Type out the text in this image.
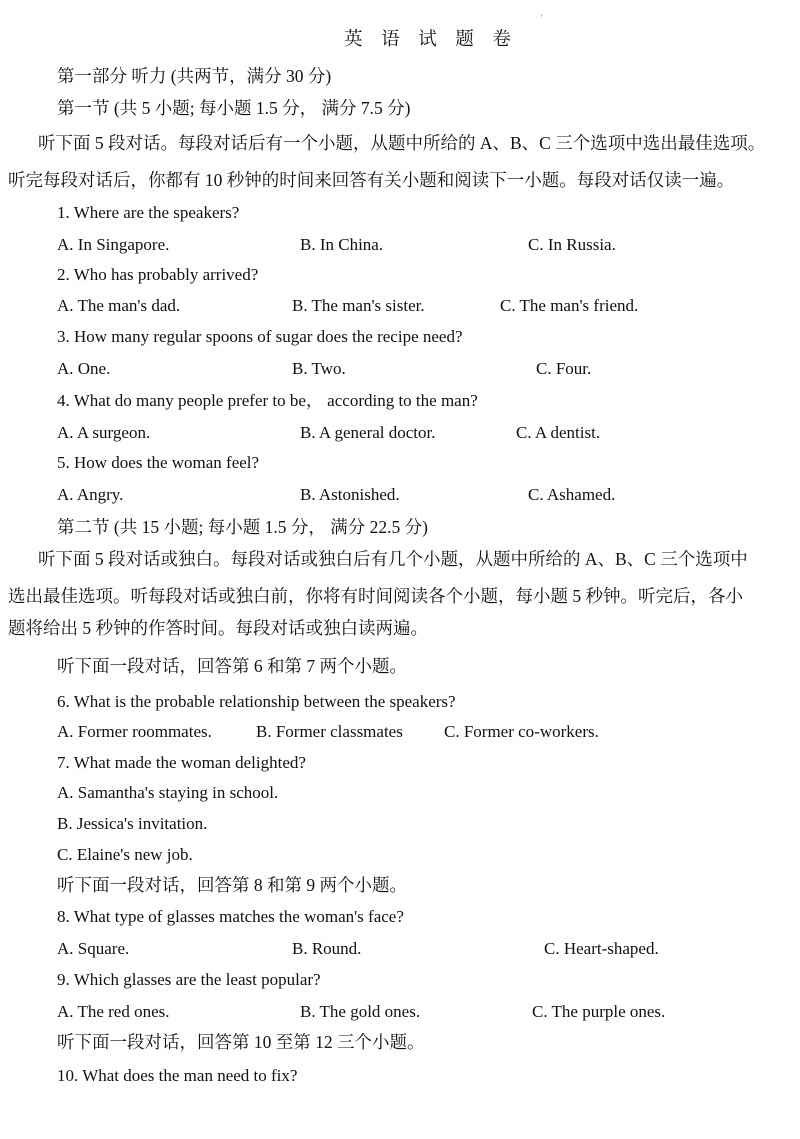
ʼ
英 语 试 题 卷
第一部分 听力 (共两节，满分 30 分)
第一节 (共 5 小题; 每小题 1.5 分， 满分 7.5 分)
听下面 5 段对话。每段对话后有一个小题，从题中所给的 A、B、C 三个选项中选出最佳选项。
听完每段对话后，你都有 10 秒钟的时间来回答有关小题和阅读下一小题。每段对话仅读一遍。
1. Where are the speakers?
A. In Singapore.	B. In China.	C. In Russia.
2. Who has probably arrived?
A. The man's dad.	B. The man's sister.	C. The man's friend.
3. How many regular spoons of sugar does the recipe need?
A. One.	B. Two.	C. Four.
4. What do many people prefer to be， according to the man?
A. A surgeon.	B. A general doctor.	C. A dentist.
5. How does the woman feel?
A. Angry.	B. Astonished.	C. Ashamed.
第二节 (共 15 小题; 每小题 1.5 分， 满分 22.5 分)
听下面 5 段对话或独白。每段对话或独白后有几个小题，从题中所给的 A、B、C 三个选项中
选出最佳选项。听每段对话或独白前，你将有时间阅读各个小题，每小题 5 秒钟。听完后，各小
题将给出 5 秒钟的作答时间。每段对话或独白读两遍。
听下面一段对话，回答第 6 和第 7 两个小题。
6. What is the probable relationship between the speakers?
A. Former roommates.	B. Former classmates C. Former co-workers.
7. What made the woman delighted?
A. Samantha's staying in school.
B. Jessica's invitation.
C. Elaine's new job.
听下面一段对话，回答第 8 和第 9 两个小题。
8. What type of glasses matches the woman's face?
A. Square.	B. Round.	C. Heart-shaped.
9. Which glasses are the least popular?
A. The red ones.	B. The gold ones.	C. The purple ones.
听下面一段对话，回答第 10 至第 12 三个小题。
10. What does the man need to fix?
